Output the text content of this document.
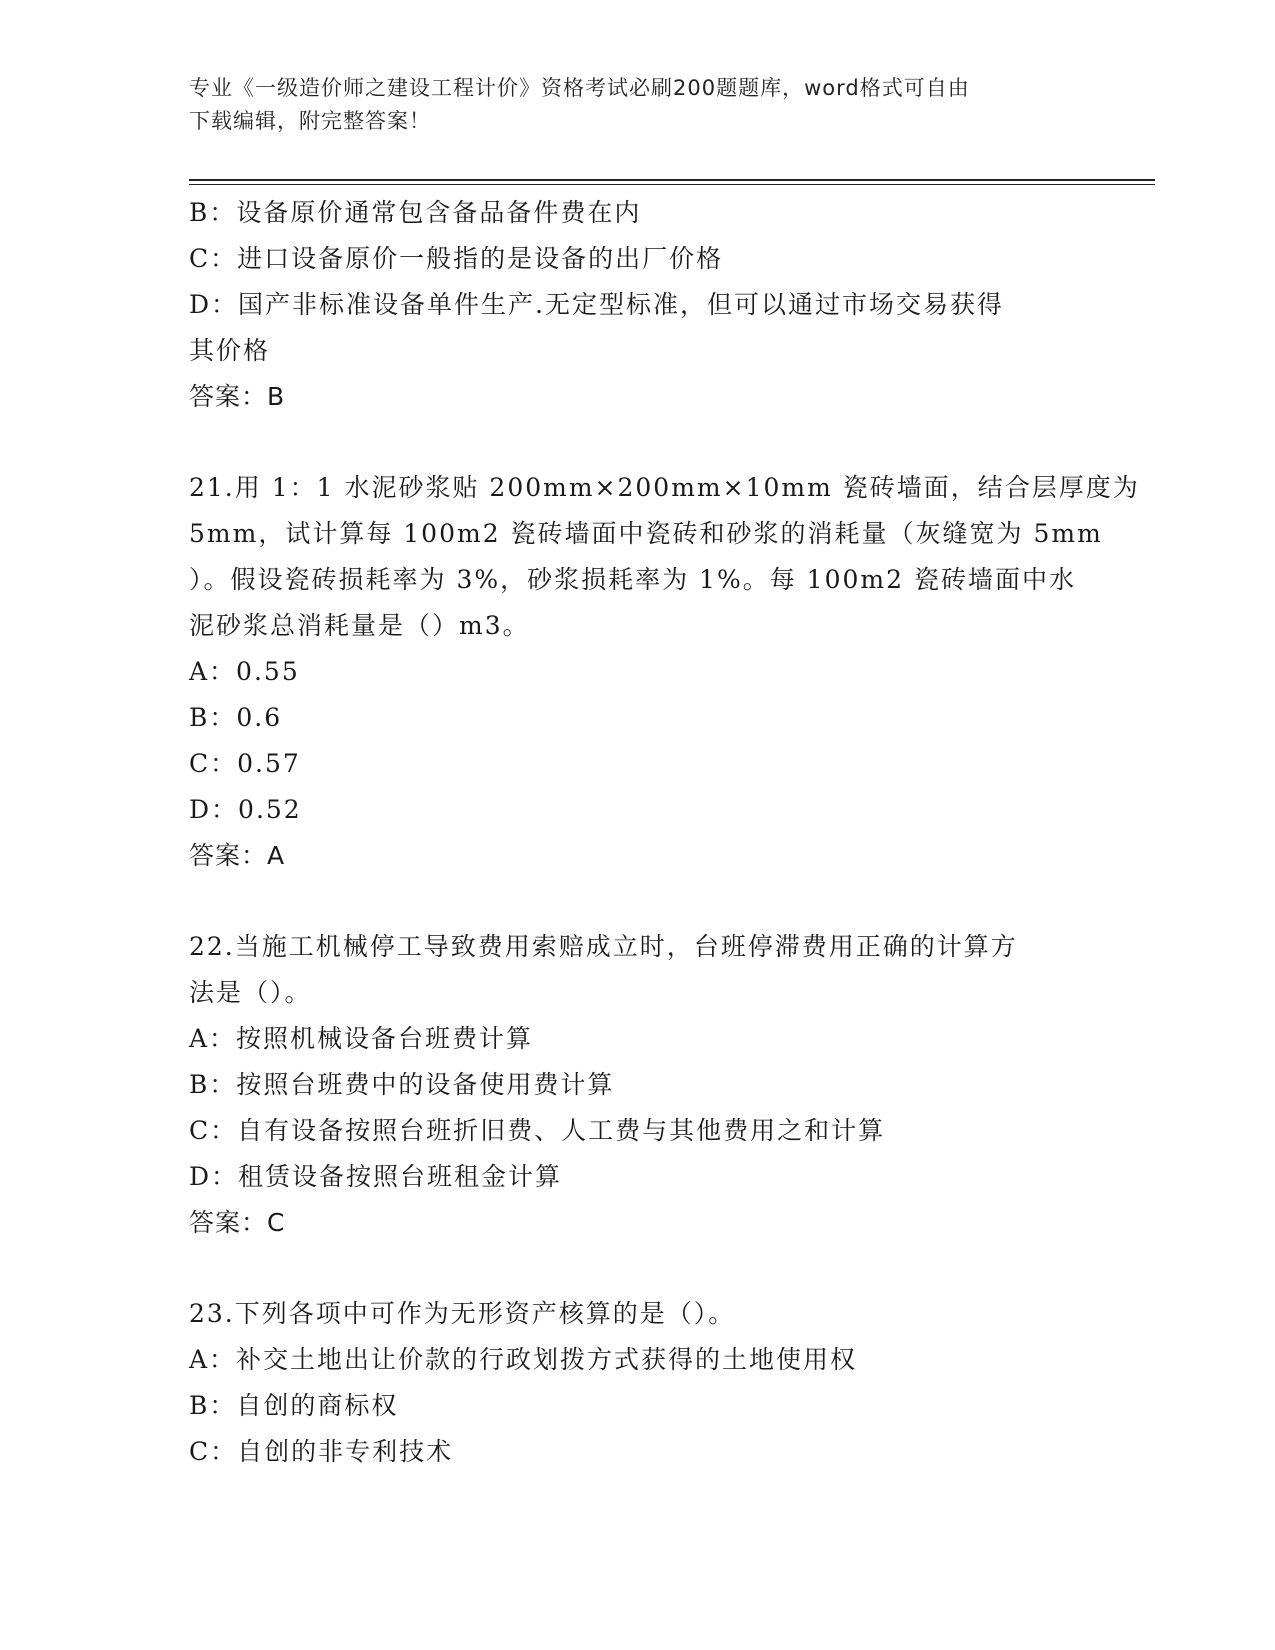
专业《一级造价师之建设工程计价》资格考试必刷200题题库，word格式可自由
下载编辑，附完整答案！
B：设备原价通常包含备品备件费在内
C：进口设备原价一般指的是设备的出厂价格
D：国产非标准设备单件生产.无定型标准，但可以通过市场交易获得
其价格
答案：B
21.用 1：1 水泥砂浆贴 200mm×200mm×10mm 瓷砖墙面，结合层厚度为
5mm，试计算每 100m2 瓷砖墙面中瓷砖和砂浆的消耗量（灰缝宽为 5mm
）。假设瓷砖损耗率为 3%，砂浆损耗率为 1%。每 100m2 瓷砖墙面中水
泥砂浆总消耗量是（）m3。
A：0.55
B：0.6
C：0.57
D：0.52
答案：A
22.当施工机械停工导致费用索赔成立时，台班停滞费用正确的计算方
法是（）。
A：按照机械设备台班费计算
B：按照台班费中的设备使用费计算
C：自有设备按照台班折旧费、人工费与其他费用之和计算
D：租赁设备按照台班租金计算
答案：C
23.下列各项中可作为无形资产核算的是（）。
A：补交土地出让价款的行政划拨方式获得的土地使用权
B：自创的商标权
C：自创的非专利技术
